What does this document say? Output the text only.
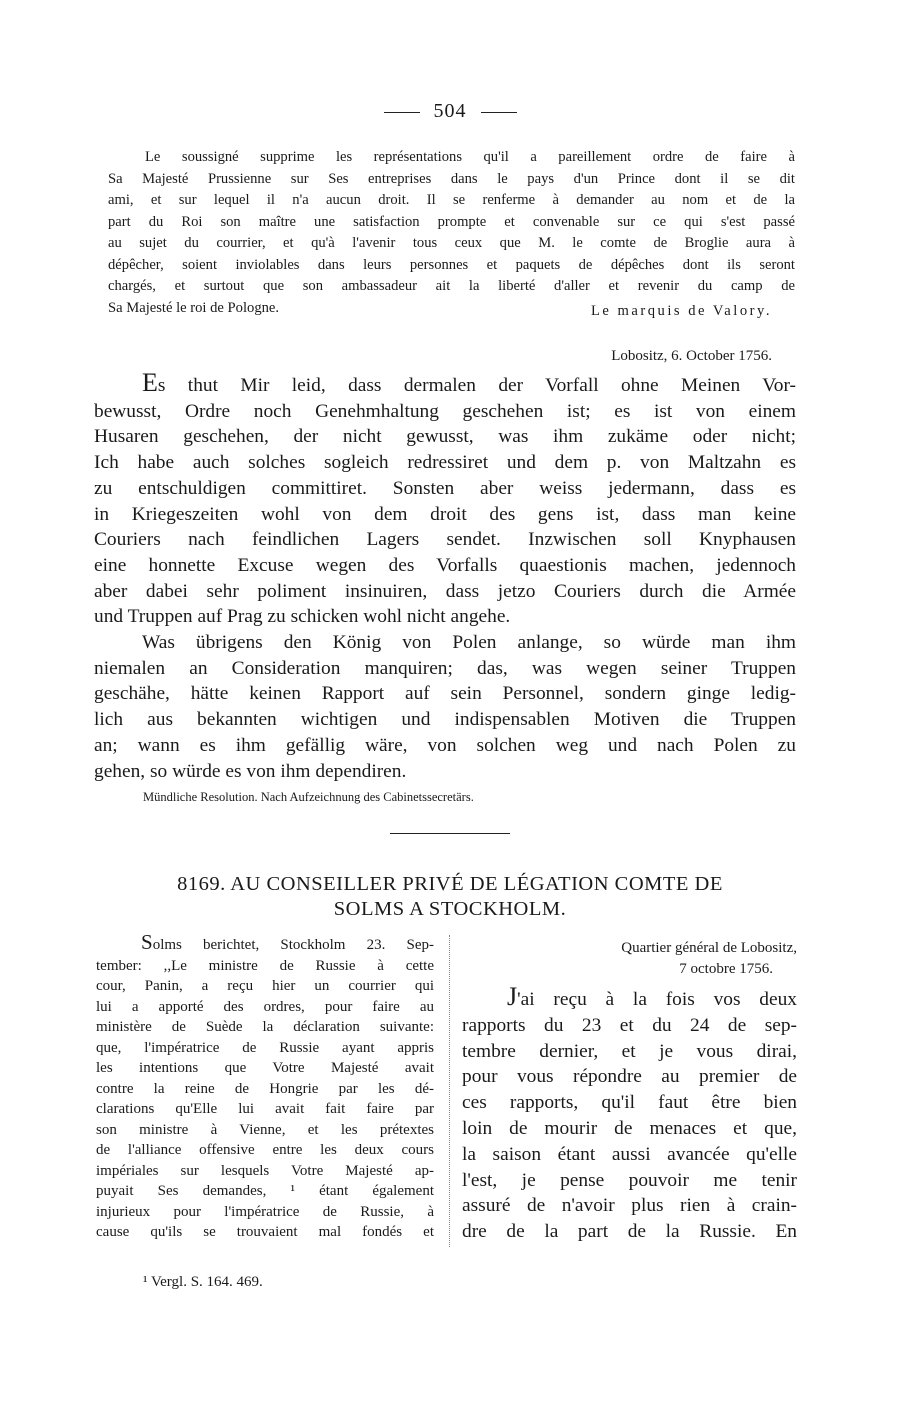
504
Le soussigné supprime les représentations qu'il a pareillement ordre de faire à
Sa Majesté Prussienne sur Ses entreprises dans le pays d'un Prince dont il se dit
ami, et sur lequel il n'a aucun droit. Il se renferme à demander au nom et de la
part du Roi son maître une satisfaction prompte et convenable sur ce qui s'est passé
au sujet du courrier, et qu'à l'avenir tous ceux que M. le comte de Broglie aura à
dépêcher, soient inviolables dans leurs personnes et paquets de dépêches dont ils seront
chargés, et surtout que son ambassadeur ait la liberté d'aller et revenir du camp de
Sa Majesté le roi de Pologne.	Le marquis de Valory.
Lobositz, 6. October 1756.
Es thut Mir leid, dass dermalen der Vorfall ohne Meinen Vor-
bewusst, Ordre noch Genehmhaltung geschehen ist; es ist von einem
Husaren geschehen, der nicht gewusst, was ihm zukäme oder nicht;
Ich habe auch solches sogleich redressiret und dem p. von Maltzahn es
zu entschuldigen committiret. Sonsten aber weiss jedermann, dass es
in Kriegeszeiten wohl von dem droit des gens ist, dass man keine
Couriers nach feindlichen Lagers sendet. Inzwischen soll Knyphausen
eine honnette Excuse wegen des Vorfalls quaestionis machen, jedennoch
aber dabei sehr poliment insinuiren, dass jetzo Couriers durch die Armée
und Truppen auf Prag zu schicken wohl nicht angehe.
Was übrigens den König von Polen anlange, so würde man ihm
niemalen an Consideration manquiren; das, was wegen seiner Truppen
geschähe, hätte keinen Rapport auf sein Personnel, sondern ginge ledig-
lich aus bekannten wichtigen und indispensablen Motiven die Truppen
an; wann es ihm gefällig wäre, von solchen weg und nach Polen zu
gehen, so würde es von ihm dependiren.
Mündliche Resolution. Nach Aufzeichnung des Cabinetssecretärs.
8169. AU CONSEILLER PRIVÉ DE LÉGATION COMTE DE
SOLMS A STOCKHOLM.
Solms berichtet, Stockholm 23. Sep-
tember: ,,Le ministre de Russie à cette
cour, Panin, a reçu hier un courrier qui
lui a apporté des ordres, pour faire au
ministère de Suède la déclaration suivante:
que, l'impératrice de Russie ayant appris
les intentions que Votre Majesté avait
contre la reine de Hongrie par les dé-
clarations qu'Elle lui avait fait faire par
son ministre à Vienne, et les prétextes
de l'alliance offensive entre les deux cours
impériales sur lesquels Votre Majesté ap-
puyait Ses demandes, ¹ étant également
injurieux pour l'impératrice de Russie, à
cause qu'ils se trouvaient mal fondés et
Quartier général de Lobositz,
7 octobre 1756.
J'ai reçu à la fois vos deux
rapports du 23 et du 24 de sep-
tembre dernier, et je vous dirai,
pour vous répondre au premier de
ces rapports, qu'il faut être bien
loin de mourir de menaces et que,
la saison étant aussi avancée qu'elle
l'est, je pense pouvoir me tenir
assuré de n'avoir plus rien à crain-
dre de la part de la Russie. En
¹ Vergl. S. 164. 469.
